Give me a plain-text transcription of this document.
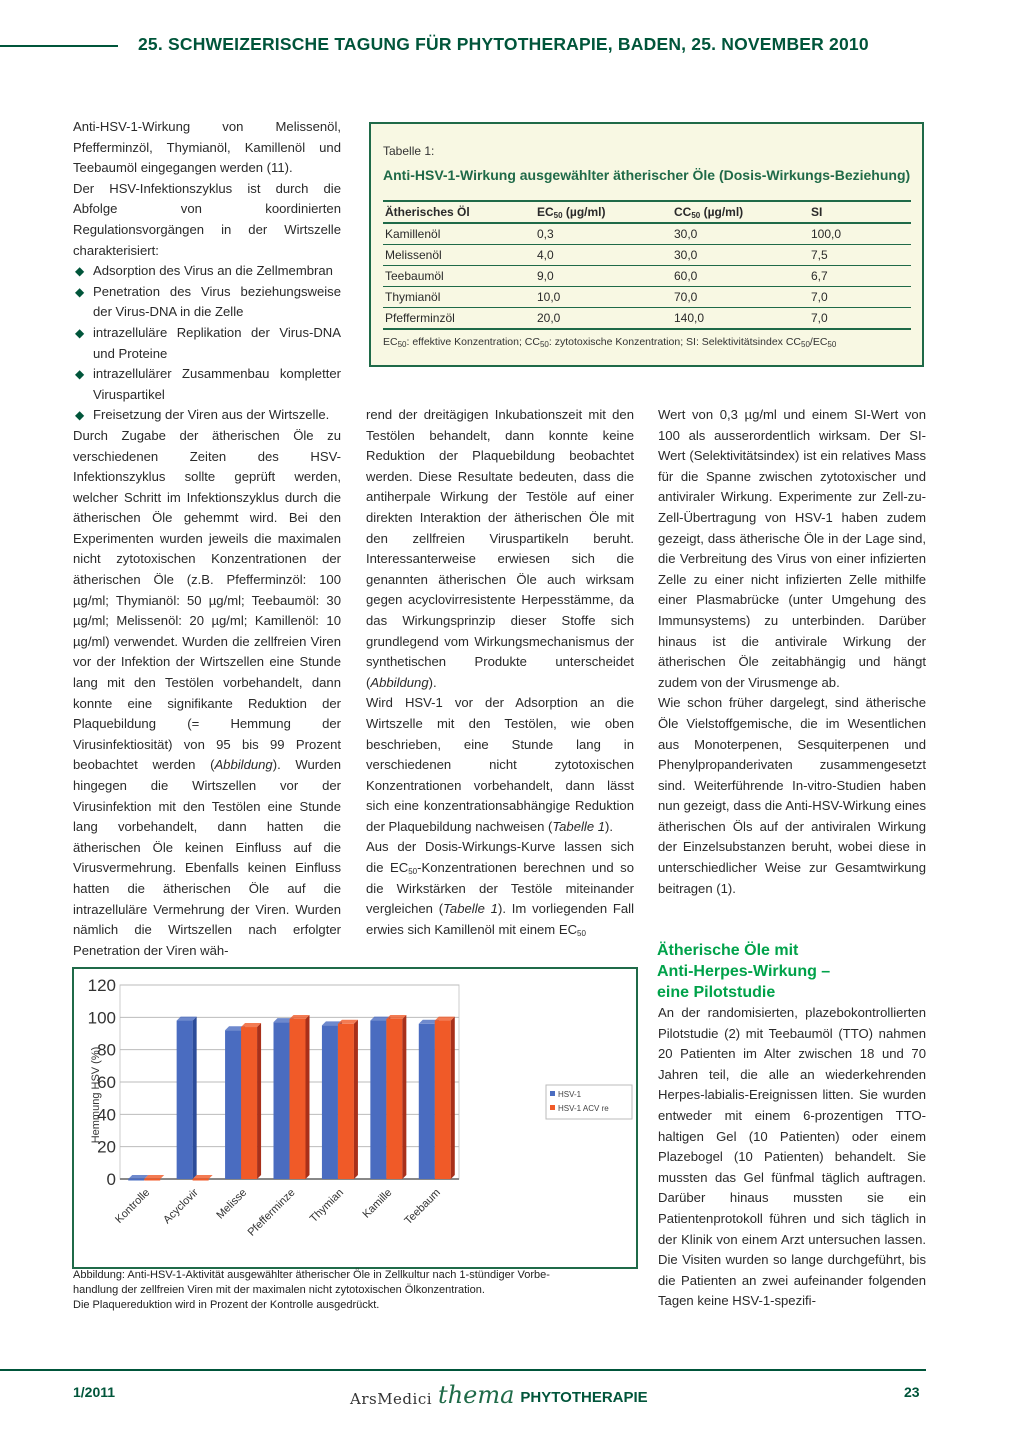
25. SCHWEIZERISCHE TAGUNG FÜR PHYTOTHERAPIE, BADEN, 25. NOVEMBER 2010

Anti-HSV-1-Wirkung von Melissenöl, Pfefferminzöl, Thymianöl, Kamillenöl und Teebaumöl eingegangen werden (11).

Der HSV-Infektionszyklus ist durch die Abfolge von koordinierten Regulationsvorgängen in der Wirtszelle charakterisiert:

◆ Adsorption des Virus an die Zellmembran
◆ Penetration des Virus beziehungsweise der Virus-DNA in die Zelle
◆ intrazelluläre Replikation der Virus-DNA und Proteine
◆ intrazellulärer Zusammenbau kompletter Viruspartikel
◆ Freisetzung der Viren aus der Wirtszelle.

Durch Zugabe der ätherischen Öle zu verschiedenen Zeiten des HSV-Infektionszyklus sollte geprüft werden, welcher Schritt im Infektionszyklus durch die ätherischen Öle gehemmt wird. Bei den Experimenten wurden jeweils die maximalen nicht zytotoxischen Konzentrationen der ätherischen Öle (z.B. Pfefferminzöl: 100 µg/ml; Thymianöl: 50 µg/ml; Teebaumöl: 30 µg/ml; Melissenöl: 20 µg/ml; Kamillenöl: 10 µg/ml) verwendet. Wurden die zellfreien Viren vor der Infektion der Wirtszellen eine Stunde lang mit den Testölen vorbehandelt, dann konnte eine signifikante Reduktion der Plaquebildung (= Hemmung der Virusinfektiosität) von 95 bis 99 Prozent beobachtet werden (Abbildung). Wurden hingegen die Wirtszellen vor der Virusinfektion mit den Testölen eine Stunde lang vorbehandelt, dann hatten die ätherischen Öle keinen Einfluss auf die Virusvermehrung. Ebenfalls keinen Einfluss hatten die ätherischen Öle auf die intrazelluläre Vermehrung der Viren. Wurden nämlich die Wirtszellen nach erfolgter Penetration der Viren wäh-

Tabelle 1:
Anti-HSV-1-Wirkung ausgewählter ätherischer Öle (Dosis-Wirkungs-Beziehung)
Ätherisches Öl	$EC_{50}$ (µg/ml)	$CC_{50}$ (µg/ml)	SI
Kamillenöl	0,3	30,0	100,0
Melissenöl	4,0	30,0	7,5
Teebaumöl	9,0	60,0	6,7
Thymianöl	10,0	70,0	7,0
Pfefferminzöl	20,0	140,0	7,0
$EC_{50}$: effektive Konzentration; $CC_{50}$: zytotoxische Konzentration; SI: Selektivitätsindex $CC_{50}/EC_{50}$

rend der dreitägigen Inkubationszeit mit den Testölen behandelt, dann konnte keine Reduktion der Plaquebildung beobachtet werden. Diese Resultate bedeuten, dass die antiherpale Wirkung der Testöle auf einer direkten Interaktion der ätherischen Öle mit den zellfreien Viruspartikeln beruht. Interessanterweise erwiesen sich die genannten ätherischen Öle auch wirksam gegen acyclovirresistente Herpesstämme, da das Wirkungsprinzip dieser Stoffe sich grundlegend vom Wirkungsmechanismus der synthetischen Produkte unterscheidet (Abbildung).

Wird HSV-1 vor der Adsorption an die Wirtszelle mit den Testölen, wie oben beschrieben, eine Stunde lang in verschiedenen nicht zytotoxischen Konzentrationen vorbehandelt, dann lässt sich eine konzentrationsabhängige Reduktion der Plaquebildung nachweisen (Tabelle 1).

Aus der Dosis-Wirkungs-Kurve lassen sich die $EC_{50}$-Konzentrationen berechnen und so die Wirkstärken der Testöle miteinander vergleichen (Tabelle 1). Im vorliegenden Fall erwies sich Kamillenöl mit einem $EC_{50}$

Wert von 0,3 µg/ml und einem SI-Wert von 100 als ausserordentlich wirksam. Der SI-Wert (Selektivitätsindex) ist ein relatives Mass für die Spanne zwischen zytotoxischer und antiviraler Wirkung. Experimente zur Zell-zu-Zell-Übertragung von HSV-1 haben zudem gezeigt, dass ätherische Öle in der Lage sind, die Verbreitung des Virus von einer infizierten Zelle zu einer nicht infizierten Zelle mithilfe einer Plasmabrücke (unter Umgehung des Immunsystems) zu unterbinden. Darüber hinaus ist die antivirale Wirkung der ätherischen Öle zeitabhängig und hängt zudem von der Virusmenge ab.

Wie schon früher dargelegt, sind ätherische Öle Vielstoffgemische, die im Wesentlichen aus Monoterpenen, Sesquiterpenen und Phenylpropanderivaten zusammengesetzt sind. Weiterführende In-vitro-Studien haben nun gezeigt, dass die Anti-HSV-Wirkung eines ätherischen Öls auf der antiviralen Wirkung der Einzelsubstanzen beruht, wobei diese in unterschiedlicher Weise zur Gesamtwirkung beitragen (1).

Ätherische Öle mit
Anti-Herpes-Wirkung –
eine Pilotstudie

An der randomisierten, plazebokontrollierten Pilotstudie (2) mit Teebaumöl (TTO) nahmen 20 Patienten im Alter zwischen 18 und 70 Jahren teil, die alle an wiederkehrenden Herpes-labialis-Ereignissen litten. Sie wurden entweder mit einem 6-prozentigen TTO-haltigen Gel (10 Patienten) oder einem Plazebogel (10 Patienten) behandelt. Sie mussten das Gel fünfmal täglich auftragen. Darüber hinaus mussten sie ein Patientenprotokoll führen und sich täglich in der Klinik von einem Arzt untersuchen lassen. Die Visiten wurden so lange durchgeführt, bis die Patienten an zwei aufeinander folgenden Tagen keine HSV-1-spezifi-

Hemmung HSV (%)
0
20
40
60
80
100
120
Kontrolle Acyclovir Melisse
Pfefferminze Thymian Kamille Teebaum
HSV-1
HSV-1 ACV re
Abbildung: Anti-HSV-1-Aktivität ausgewählter ätherischer Öle in Zellkultur nach 1-stündiger Vorbe-
handlung der zellfreien Viren mit der maximalen nicht zytotoxischen Ölkonzentration.
Die Plaquereduktion wird in Prozent der Kontrolle ausgedrückt.
1/2011	ArsMedici thema PHYTOTHERAPIE	23
